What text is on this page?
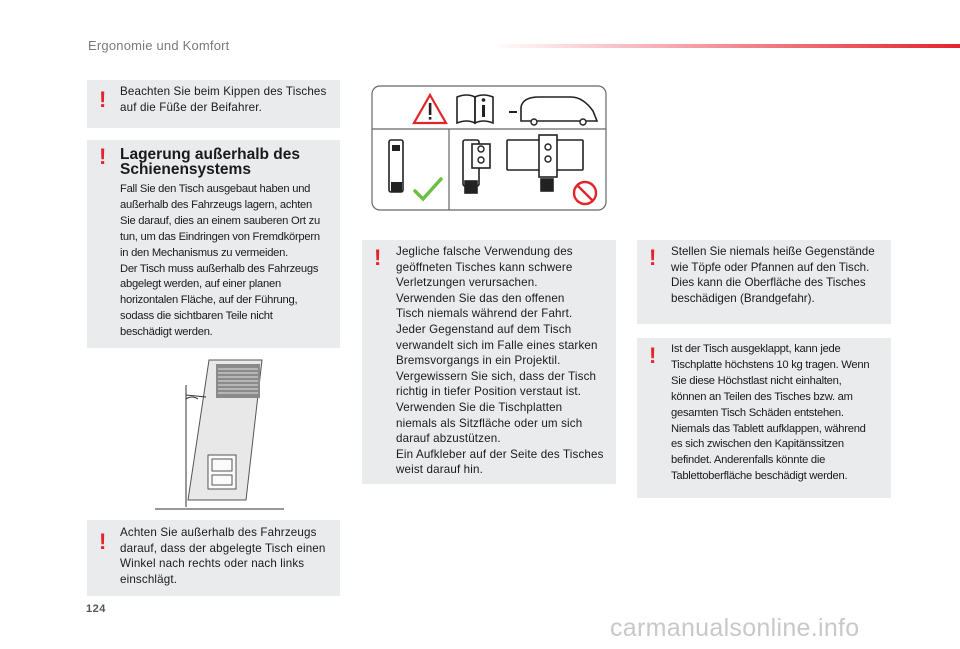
Ergonomie und Komfort
! Beachten Sie beim Kippen des Tisches
auf die Füße der Beifahrer.
! Lagerung außerhalb des
Schienensystems
Fall Sie den Tisch ausgebaut haben und
außerhalb des Fahrzeugs lagern, achten
Sie darauf, dies an einem sauberen Ort zu
tun, um das Eindringen von Fremdkörpern
in den Mechanismus zu vermeiden.
Der Tisch muss außerhalb des Fahrzeugs
abgelegt werden, auf einer planen
horizontalen Fläche, auf der Führung,
sodass die sichtbaren Teile nicht
beschädigt werden.
! Achten Sie außerhalb des Fahrzeugs
darauf, dass der abgelegte Tisch einen
Winkel nach rechts oder nach links
einschlägt.
! Jegliche falsche Verwendung des
geöffneten Tisches kann schwere
Verletzungen verursachen.
Verwenden Sie das den offenen
Tisch niemals während der Fahrt.
Jeder Gegenstand auf dem Tisch
verwandelt sich im Falle eines starken
Bremsvorgangs in ein Projektil.
Vergewissern Sie sich, dass der Tisch
richtig in tiefer Position verstaut ist.
Verwenden Sie die Tischplatten
niemals als Sitzfläche oder um sich
darauf abzustützen.
Ein Aufkleber auf der Seite des Tisches
weist darauf hin.
! Stellen Sie niemals heiße Gegenstände
wie Töpfe oder Pfannen auf den Tisch.
Dies kann die Oberfläche des Tisches
beschädigen (Brandgefahr).
! Ist der Tisch ausgeklappt, kann jede
Tischplatte höchstens 10 kg tragen. Wenn
Sie diese Höchstlast nicht einhalten,
können an Teilen des Tisches bzw. am
gesamten Tisch Schäden entstehen.
Niemals das Tablett aufklappen, während
es sich zwischen den Kapitänssitzen
befindet. Anderenfalls könnte die
Tablettoberfläche beschädigt werden.
124
carmanualsonline.info
